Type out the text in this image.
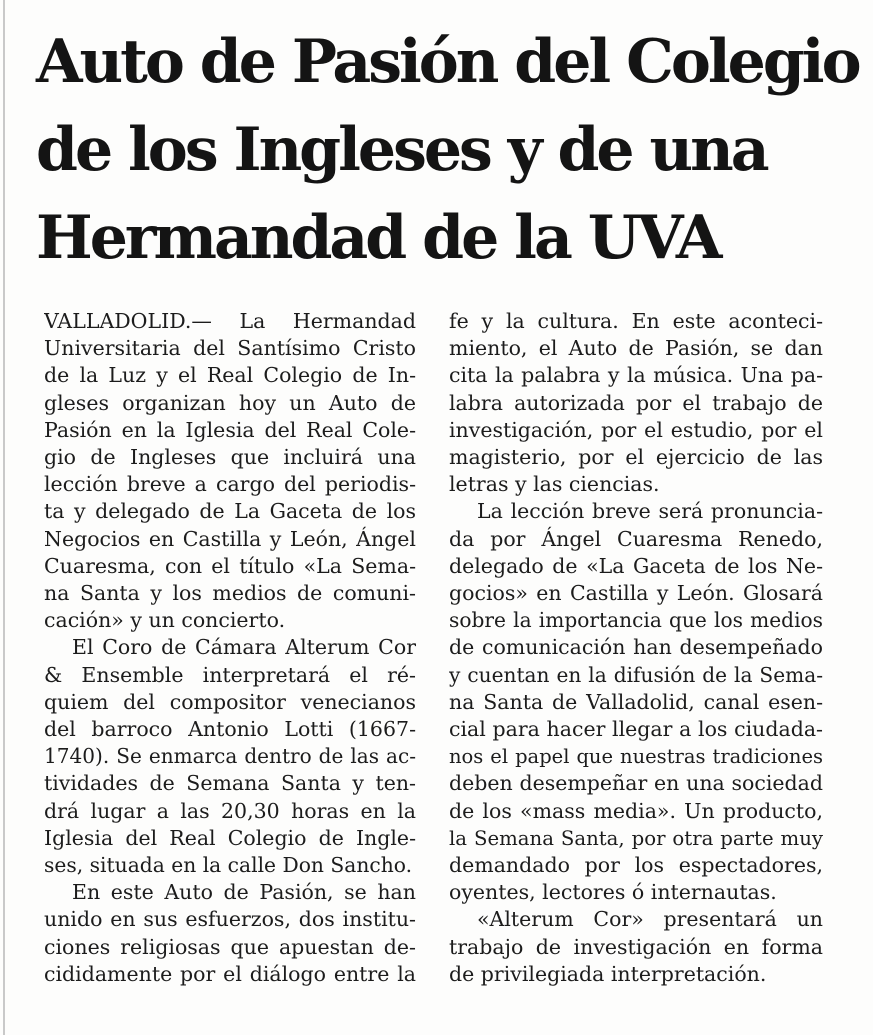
Auto de Pasión del Colegio
de los Ingleses y de una
Hermandad de la UVA
VALLADOLID.— La Hermandad
Universitaria del Santísimo Cristo
de la Luz y el Real Colegio de In-
gleses organizan hoy un Auto de
Pasión en la Iglesia del Real Cole-
gio de Ingleses que incluirá una
lección breve a cargo del periodis-
ta y delegado de La Gaceta de los
Negocios en Castilla y León, Ángel
Cuaresma, con el título «La Sema-
na Santa y los medios de comuni-
cación» y un concierto.
El Coro de Cámara Alterum Cor
& Ensemble interpretará el ré-
quiem del compositor venecianos
del barroco Antonio Lotti (1667-
1740). Se enmarca dentro de las ac-
tividades de Semana Santa y ten-
drá lugar a las 20,30 horas en la
Iglesia del Real Colegio de Ingle-
ses, situada en la calle Don Sancho.
En este Auto de Pasión, se han
unido en sus esfuerzos, dos institu-
ciones religiosas que apuestan de-
cididamente por el diálogo entre la
fe y la cultura. En este aconteci-
miento, el Auto de Pasión, se dan
cita la palabra y la música. Una pa-
labra autorizada por el trabajo de
investigación, por el estudio, por el
magisterio, por el ejercicio de las
letras y las ciencias.
La lección breve será pronuncia-
da por Ángel Cuaresma Renedo,
delegado de «La Gaceta de los Ne-
gocios» en Castilla y León. Glosará
sobre la importancia que los medios
de comunicación han desempeñado
y cuentan en la difusión de la Sema-
na Santa de Valladolid, canal esen-
cial para hacer llegar a los ciudada-
nos el papel que nuestras tradiciones
deben desempeñar en una sociedad
de los «mass media». Un producto,
la Semana Santa, por otra parte muy
demandado por los espectadores,
oyentes, lectores ó internautas.
«Alterum Cor» presentará un
trabajo de investigación en forma
de privilegiada interpretación.
